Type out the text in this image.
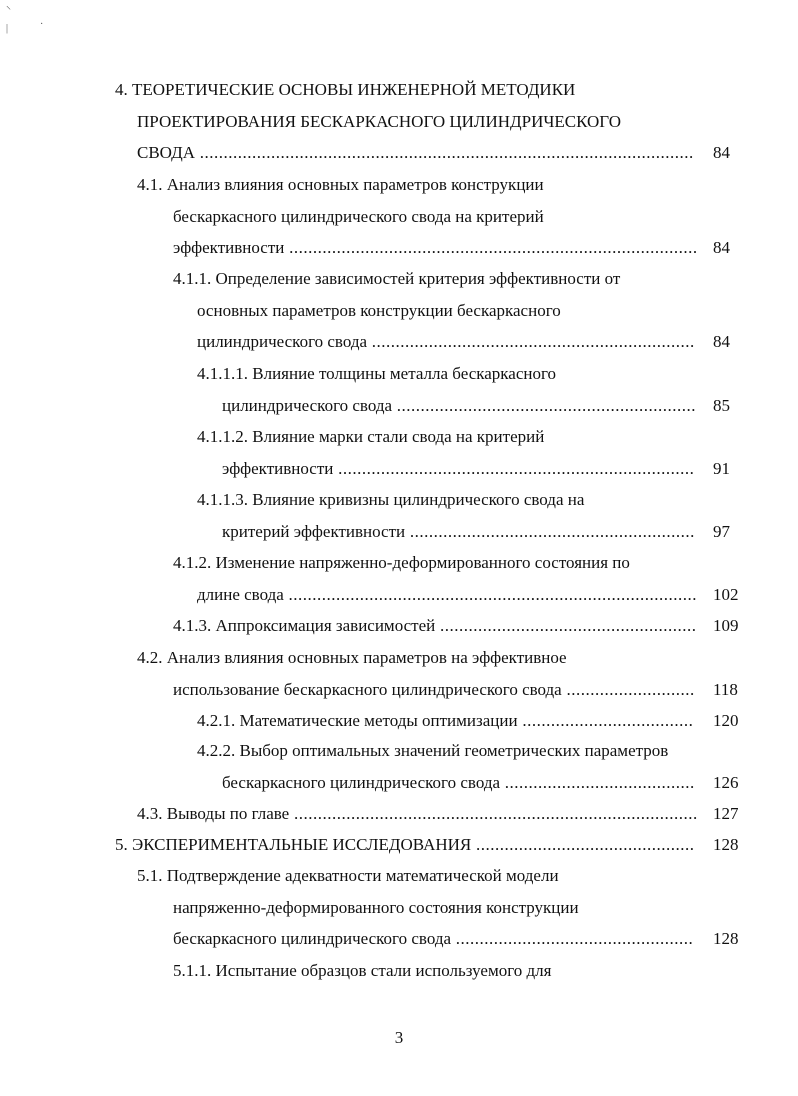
⸌
|	·
4. ТЕОРЕТИЧЕСКИЕ ОСНОВЫ ИНЖЕНЕРНОЙ МЕТОДИКИ
ПРОЕКТИРОВАНИЯ БЕСКАРКАСНОГО ЦИЛИНДРИЧЕСКОГО
СВОДА ........................................................................................................ 84
4.1. Анализ влияния основных параметров конструкции
бескаркасного цилиндрического свода на критерий
эффективности ...................................................................................... 84
4.1.1. Определение зависимостей критерия эффективности от
основных параметров конструкции бескаркасного
цилиндрического свода .................................................................... 84
4.1.1.1. Влияние толщины металла бескаркасного
цилиндрического свода ............................................................... 85
4.1.1.2. Влияние марки стали свода на критерий
эффективности ........................................................................... 91
4.1.1.3. Влияние кривизны цилиндрического свода на
критерий эффективности ............................................................ 97
4.1.2. Изменение напряженно-деформированного состояния по
длине свода ...................................................................................... 102
4.1.3. Аппроксимация зависимостей ...................................................... 109
4.2. Анализ влияния основных параметров на эффективное
использование бескаркасного цилиндрического свода ........................... 118
4.2.1. Математические методы оптимизации .................................... 120
4.2.2. Выбор оптимальных значений геометрических параметров
бескаркасного цилиндрического свода ........................................ 126
4.3. Выводы по главе ..................................................................................... 127
5. ЭКСПЕРИМЕНТАЛЬНЫЕ ИССЛЕДОВАНИЯ .............................................. 128
5.1. Подтверждение адекватности математической модели
напряженно-деформированного состояния конструкции
бескаркасного цилиндрического свода .................................................. 128
5.1.1. Испытание образцов стали используемого для
3
